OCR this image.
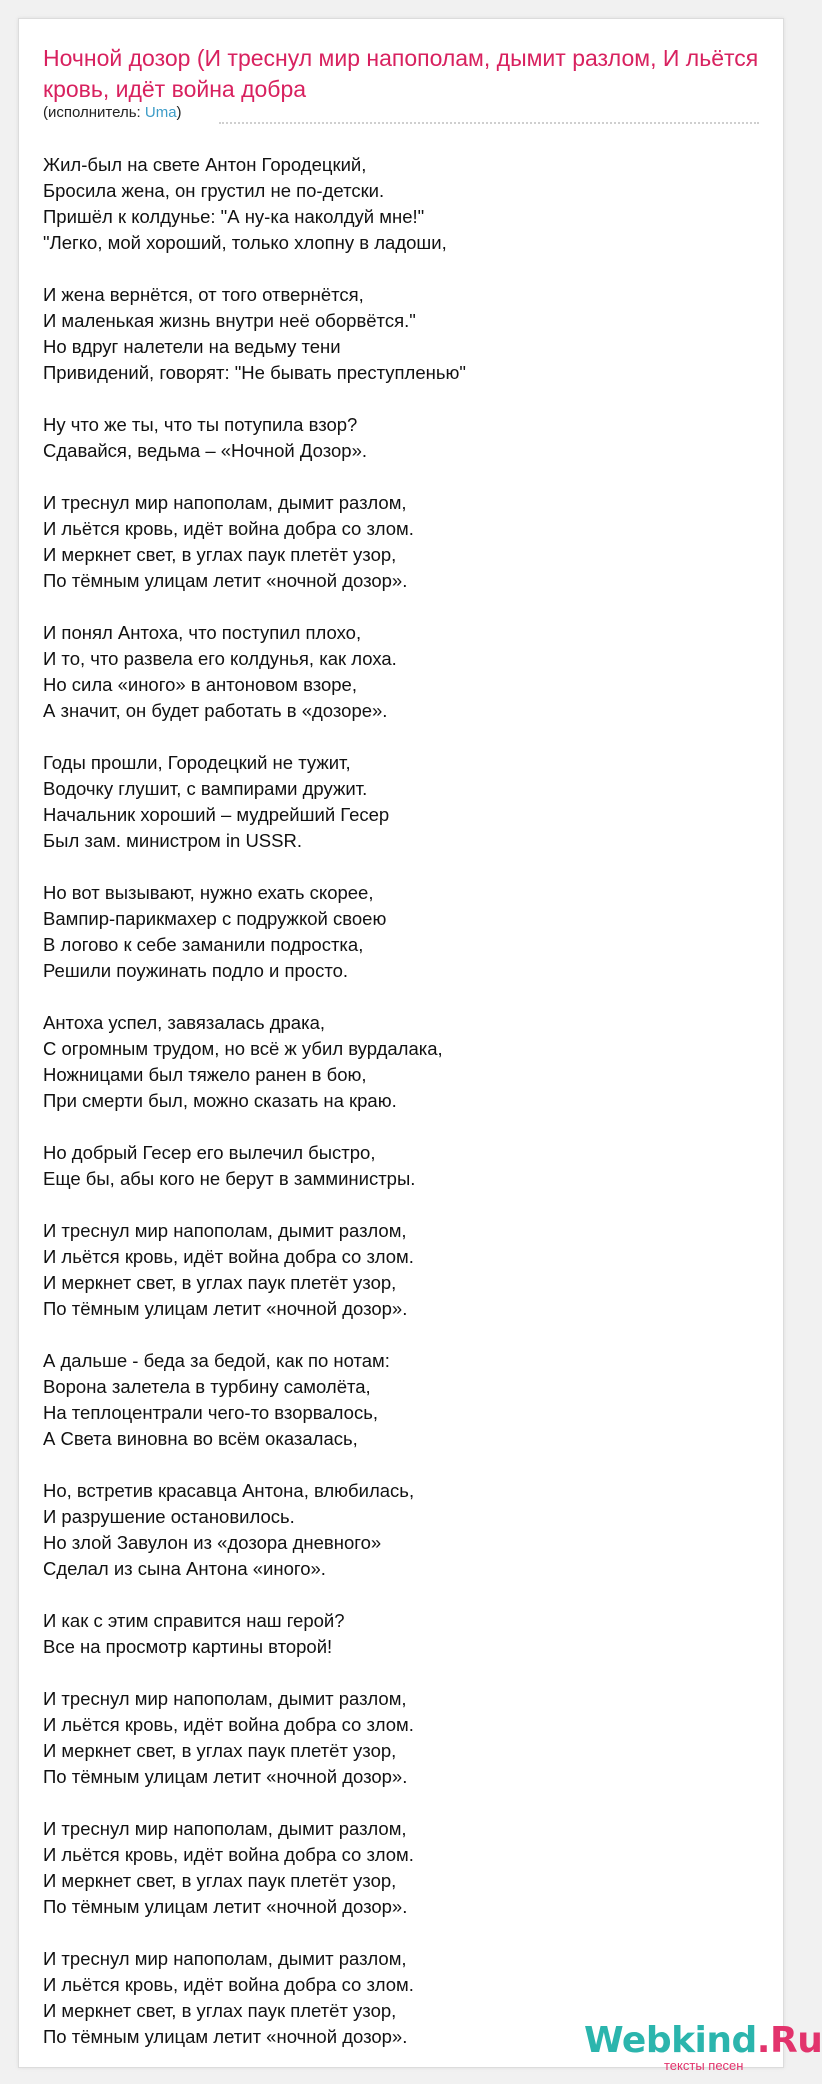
Ночной дозор (И треснул мир напополам, дымит разлом, И льётся кровь, идёт война добра
(исполнитель: Uma)
Жил-был на свете Антон Городецкий,
Бросила жена, он грустил не по-детски.
Пришёл к колдунье: "А ну-ка наколдуй мне!"
"Легко, мой хороший, только хлопну в ладоши,
И жена вернётся, от того отвернётся,
И маленькая жизнь внутри неё оборвётся."
Но вдруг налетели на ведьму тени
Привидений, говорят: "Не бывать преступленью"
Ну что же ты, что ты потупила взор?
Сдавайся, ведьма – «Ночной Дозор».
И треснул мир напополам, дымит разлом,
И льётся кровь, идёт война добра со злом.
И меркнет свет, в углах паук плетёт узор,
По тёмным улицам летит «ночной дозор».
И понял Антоха, что поступил плохо,
И то, что развела его колдунья, как лоха.
Но сила «иного» в антоновом взоре,
А значит, он будет работать в «дозоре».
Годы прошли, Городецкий не тужит,
Водочку глушит, с вампирами дружит.
Начальник хороший – мудрейший Гесер
Был зам. министром in USSR.
Но вот вызывают, нужно ехать скорее,
Вампир-парикмахер с подружкой своею
В логово к себе заманили подростка,
Решили поужинать подло и просто.
Антоха успел, завязалась драка,
С огромным трудом, но всё ж убил вурдалака,
Ножницами был тяжело ранен в бою,
При смерти был, можно сказать на краю.
Но добрый Гесер его вылечил быстро,
Еще бы, абы кого не берут в замминистры.
И треснул мир напополам, дымит разлом,
И льётся кровь, идёт война добра со злом.
И меркнет свет, в углах паук плетёт узор,
По тёмным улицам летит «ночной дозор».
А дальше - беда за бедой, как по нотам:
Ворона залетела в турбину самолёта,
На теплоцентрали чего-то взорвалось,
А Света виновна во всём оказалась,
Но, встретив красавца Антона, влюбилась,
И разрушение остановилось.
Но злой Завулон из «дозора дневного»
Сделал из сына Антона «иного».
И как с этим справится наш герой?
Все на просмотр картины второй!
И треснул мир напополам, дымит разлом,
И льётся кровь, идёт война добра со злом.
И меркнет свет, в углах паук плетёт узор,
По тёмным улицам летит «ночной дозор».
И треснул мир напополам, дымит разлом,
И льётся кровь, идёт война добра со злом.
И меркнет свет, в углах паук плетёт узор,
По тёмным улицам летит «ночной дозор».
И треснул мир напополам, дымит разлом,
И льётся кровь, идёт война добра со злом.
И меркнет свет, в углах паук плетёт узор,
По тёмным улицам летит «ночной дозор».	Webkind.Ru
тексты песен
